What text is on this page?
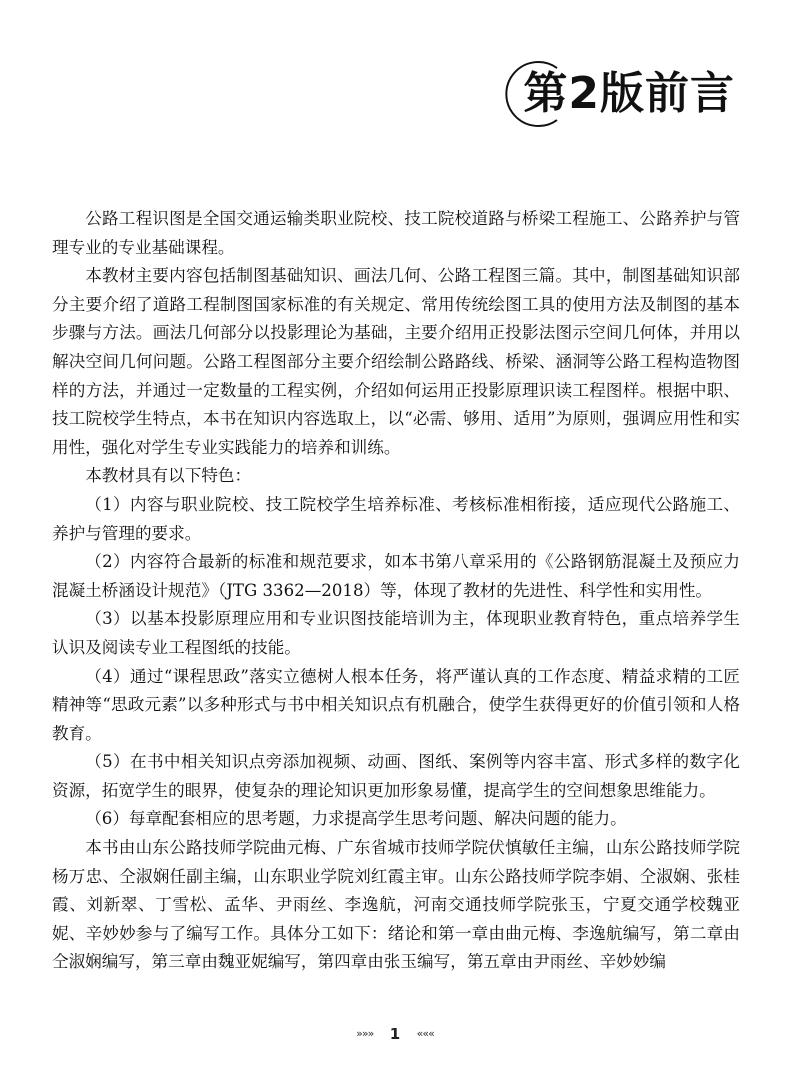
第2版前言

公路工程识图是全国交通运输类职业院校、技工院校道路与桥梁工程施工、公路养护与管理专业的专业基础课程。

本教材主要内容包括制图基础知识、画法几何、公路工程图三篇。其中，制图基础知识部分主要介绍了道路工程制图国家标准的有关规定、常用传统绘图工具的使用方法及制图的基本步骤与方法。画法几何部分以投影理论为基础，主要介绍用正投影法图示空间几何体，并用以解决空间几何问题。公路工程图部分主要介绍绘制公路路线、桥梁、涵洞等公路工程构造物图样的方法，并通过一定数量的工程实例，介绍如何运用正投影原理识读工程图样。根据中职、技工院校学生特点，本书在知识内容选取上，以“必需、够用、适用”为原则，强调应用性和实用性，强化对学生专业实践能力的培养和训练。

本教材具有以下特色：

（1）内容与职业院校、技工院校学生培养标准、考核标准相衔接，适应现代公路施工、养护与管理的要求。

（2）内容符合最新的标准和规范要求，如本书第八章采用的《公路钢筋混凝土及预应力混凝土桥涵设计规范》（JTG 3362—2018）等，体现了教材的先进性、科学性和实用性。

（3）以基本投影原理应用和专业识图技能培训为主，体现职业教育特色，重点培养学生认识及阅读专业工程图纸的技能。

（4）通过“课程思政”落实立德树人根本任务，将严谨认真的工作态度、精益求精的工匠精神等“思政元素”以多种形式与书中相关知识点有机融合，使学生获得更好的价值引领和人格教育。

（5）在书中相关知识点旁添加视频、动画、图纸、案例等内容丰富、形式多样的数字化资源，拓宽学生的眼界，使复杂的理论知识更加形象易懂，提高学生的空间想象思维能力。

（6）每章配套相应的思考题，力求提高学生思考问题、解决问题的能力。

本书由山东公路技师学院曲元梅、广东省城市技师学院伏慎敏任主编，山东公路技师学院杨万忠、仝淑娴任副主编，山东职业学院刘红霞主审。山东公路技师学院李娟、仝淑娴、张桂霞、刘新翠、丁雪松、孟华、尹雨丝、李逸航，河南交通技师学院张玉，宁夏交通学校魏亚妮、辛妙妙参与了编写工作。具体分工如下：绪论和第一章由曲元梅、李逸航编写，第二章由仝淑娴编写，第三章由魏亚妮编写，第四章由张玉编写，第五章由尹雨丝、辛妙妙编

»»» 1 «««
